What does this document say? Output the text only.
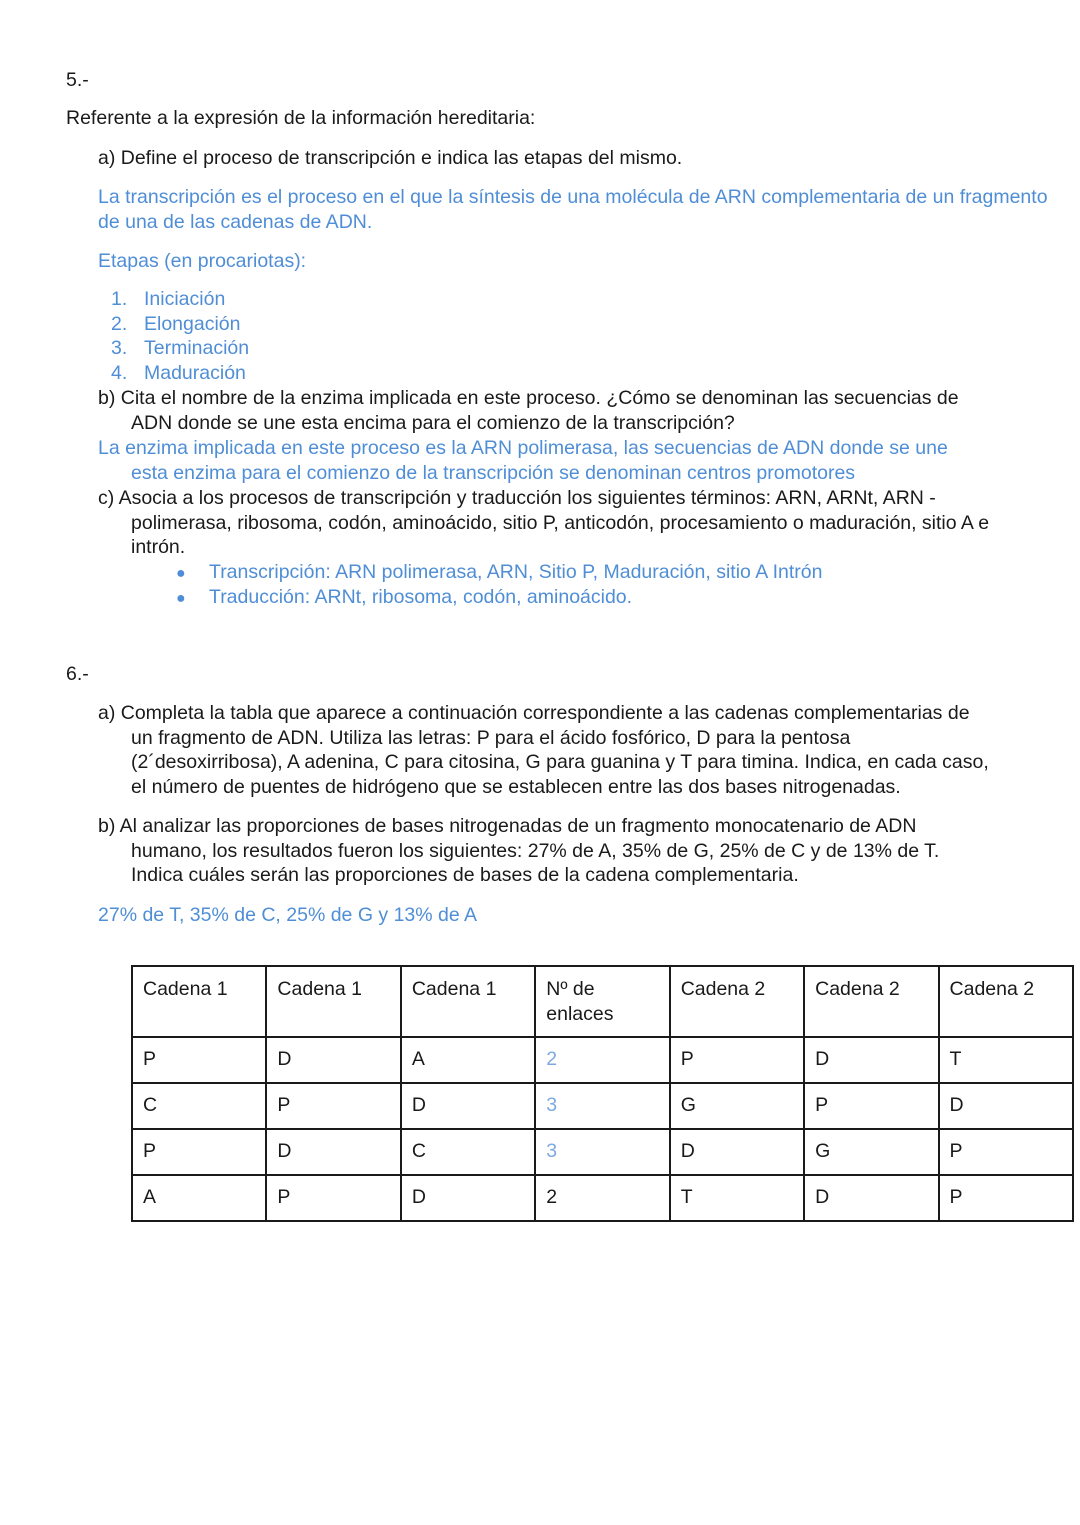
5.-

Referente a la expresión de la información hereditaria:

a) Define el proceso de transcripción e indica las etapas del mismo.

La transcripción es el proceso en el que la síntesis de una molécula de ARN complementaria de un fragmento
de una de las cadenas de ADN.

Etapas (en procariotas):

1. Iniciación
2. Elongación
3. Terminación
4. Maduración
b) Cita el nombre de la enzima implicada en este proceso. ¿Cómo se denominan las secuencias de
ADN donde se une esta encima para el comienzo de la transcripción?
La enzima implicada en este proceso es la ARN polimerasa, las secuencias de ADN donde se une
esta enzima para el comienzo de la transcripción se denominan centros promotores
c) Asocia a los procesos de transcripción y traducción los siguientes términos: ARN, ARNt, ARN -
polimerasa, ribosoma, codón, aminoácido, sitio P, anticodón, procesamiento o maduración, sitio A e
intrón.
● Transcripción: ARN polimerasa, ARN, Sitio P, Maduración, sitio A Intrón
● Traducción: ARNt, ribosoma, codón, aminoácido.

6.-

a) Completa la tabla que aparece a continuación correspondiente a las cadenas complementarias de
un fragmento de ADN. Utiliza las letras: P para el ácido fosfórico, D para la pentosa
(2´desoxirribosa), A adenina, C para citosina, G para guanina y T para timina. Indica, en cada caso,
el número de puentes de hidrógeno que se establecen entre las dos bases nitrogenadas.
b) Al analizar las proporciones de bases nitrogenadas de un fragmento monocatenario de ADN
humano, los resultados fueron los siguientes: 27% de A, 35% de G, 25% de C y de 13% de T.
Indica cuáles serán las proporciones de bases de la cadena complementaria.

27% de T, 35% de C, 25% de G y 13% de A

Cadena 1	Cadena 1	Cadena 1	Nº de
enlaces	Cadena 2	Cadena 2	Cadena 2
P	D	A	2	P	D	T
C	P	D	3	G	P	D
P	D	C	3	D	G	P
A	P	D	2	T	D	P
